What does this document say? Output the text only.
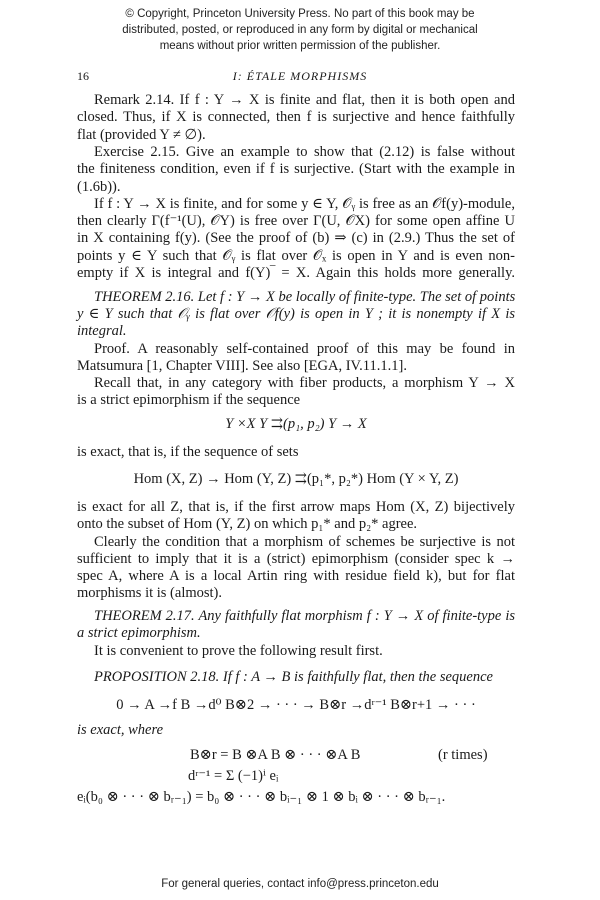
© Copyright, Princeton University Press. No part of this book may be
distributed, posted, or reproduced in any form by digital or mechanical
means without prior written permission of the publisher.
16	I: ÉTALE MORPHISMS
Remark 2.14. If f : Y → X is finite and flat, then it is both open and
closed. Thus, if X is connected, then f is surjective and hence faithfully
flat (provided Y ≠ ∅).
Exercise 2.15. Give an example to show that (2.12) is false without
the finiteness condition, even if f is surjective. (Start with the example in
(1.6b)).
If f : Y → X is finite, and for some y ∈ Y, 𝒪ᵧ is free as an 𝒪f(y)-module,
then clearly Γ(f⁻¹(U), 𝒪Y) is free over Γ(U, 𝒪X) for some open affine U
in X containing f(y). (See the proof of (b) ⇒ (c) in (2.9.) Thus the set of
points y ∈ Y such that 𝒪ᵧ is flat over 𝒪ₓ is open in Y and is even non-
empty if X is integral and f(Y)‾ = X. Again this holds more generally.
THEOREM 2.16. Let f : Y → X be locally of finite-type. The set of points
y ∈ Y such that 𝒪ᵧ is flat over 𝒪f(y) is open in Y ; it is nonempty if X is
integral.
Proof. A reasonably self-contained proof of this may be found in
Matsumura [1, Chapter VIII]. See also [EGA, IV.11.1.1].
Recall that, in any category with fiber products, a morphism Y → X
is a strict epimorphism if the sequence
Y ×X Y ⇉(p₁, p₂) Y → X
is exact, that is, if the sequence of sets
Hom (X, Z) → Hom (Y, Z) ⇉(p₁*, p₂*) Hom (Y × Y, Z)
is exact for all Z, that is, if the first arrow maps Hom (X, Z) bijectively
onto the subset of Hom (Y, Z) on which p₁* and p₂* agree.
Clearly the condition that a morphism of schemes be surjective is not
sufficient to imply that it is a (strict) epimorphism (consider spec k →
spec A, where A is a local Artin ring with residue field k), but for flat
morphisms it is (almost).
THEOREM 2.17. Any faithfully flat morphism f : Y → X of finite-type is
a strict epimorphism.
It is convenient to prove the following result first.
PROPOSITION 2.18. If f : A → B is faithfully flat, then the sequence
0 → A →f B →d⁰ B⊗2 → · · · → B⊗r →dʳ⁻¹ B⊗r+1 → · · ·
is exact, where
B⊗r = B ⊗A B ⊗ · · · ⊗A B	(r times)
dʳ⁻¹ = Σ (−1)ⁱ eᵢ
eᵢ(b₀ ⊗ · · · ⊗ bᵣ₋₁) = b₀ ⊗ · · · ⊗ bᵢ₋₁ ⊗ 1 ⊗ bᵢ ⊗ · · · ⊗ bᵣ₋₁.
For general queries, contact info@press.princeton.edu
